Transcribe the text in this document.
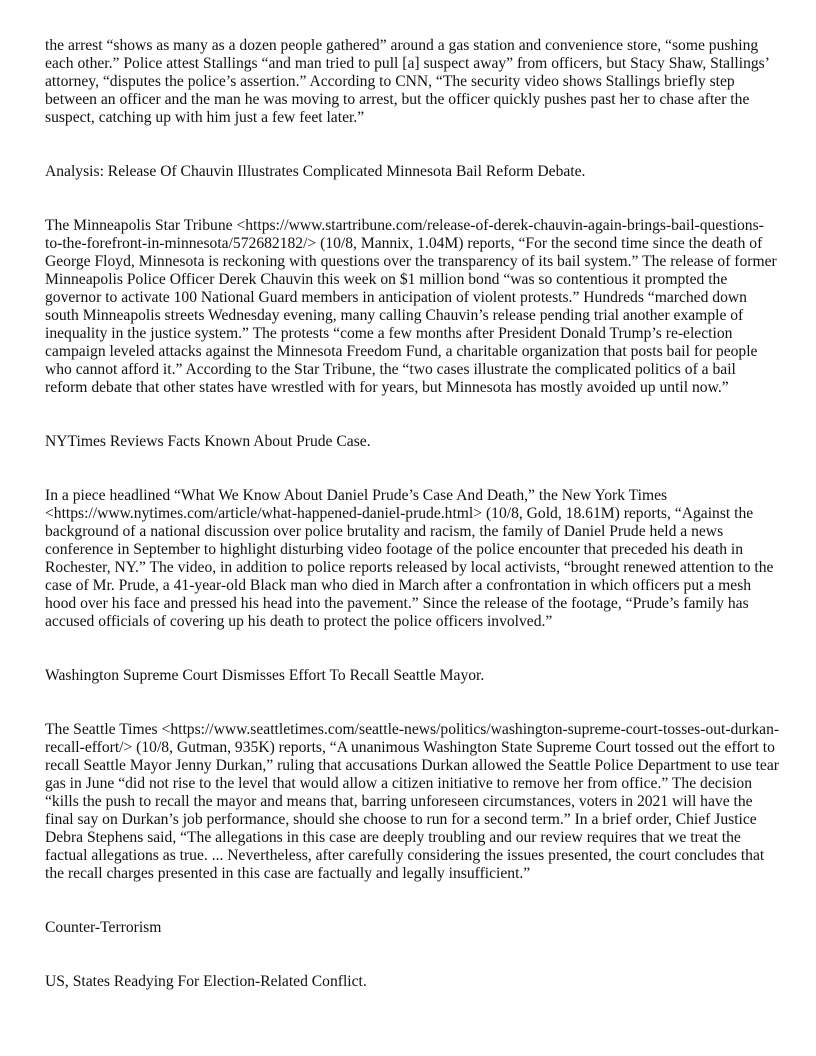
the arrest “shows as many as a dozen people gathered” around a gas station and convenience store, “some pushing each other.” Police attest Stallings “and man tried to pull [a] suspect away” from officers, but Stacy Shaw, Stallings’ attorney, “disputes the police’s assertion.” According to CNN, “The security video shows Stallings briefly step between an officer and the man he was moving to arrest, but the officer quickly pushes past her to chase after the suspect, catching up with him just a few feet later.”

Analysis: Release Of Chauvin Illustrates Complicated Minnesota Bail Reform Debate.

The Minneapolis Star Tribune <https://www.startribune.com/release-of-derek-chauvin-again-brings-bail-questions-to-the-forefront-in-minnesota/572682182/> (10/8, Mannix, 1.04M) reports, “For the second time since the death of George Floyd, Minnesota is reckoning with questions over the transparency of its bail system.” The release of former Minneapolis Police Officer Derek Chauvin this week on $1 million bond “was so contentious it prompted the governor to activate 100 National Guard members in anticipation of violent protests.” Hundreds “marched down south Minneapolis streets Wednesday evening, many calling Chauvin’s release pending trial another example of inequality in the justice system.” The protests “come a few months after President Donald Trump’s re-election campaign leveled attacks against the Minnesota Freedom Fund, a charitable organization that posts bail for people who cannot afford it.” According to the Star Tribune, the “two cases illustrate the complicated politics of a bail reform debate that other states have wrestled with for years, but Minnesota has mostly avoided up until now.”

NYTimes Reviews Facts Known About Prude Case.

In a piece headlined “What We Know About Daniel Prude’s Case And Death,” the New York Times <https://www.nytimes.com/article/what-happened-daniel-prude.html> (10/8, Gold, 18.61M) reports, “Against the background of a national discussion over police brutality and racism, the family of Daniel Prude held a news conference in September to highlight disturbing video footage of the police encounter that preceded his death in Rochester, NY.” The video, in addition to police reports released by local activists, “brought renewed attention to the case of Mr. Prude, a 41-year-old Black man who died in March after a confrontation in which officers put a mesh hood over his face and pressed his head into the pavement.” Since the release of the footage, “Prude’s family has accused officials of covering up his death to protect the police officers involved.”

Washington Supreme Court Dismisses Effort To Recall Seattle Mayor.

The Seattle Times <https://www.seattletimes.com/seattle-news/politics/washington-supreme-court-tosses-out-durkan-recall-effort/> (10/8, Gutman, 935K) reports, “A unanimous Washington State Supreme Court tossed out the effort to recall Seattle Mayor Jenny Durkan,” ruling that accusations Durkan allowed the Seattle Police Department to use tear gas in June “did not rise to the level that would allow a citizen initiative to remove her from office.” The decision “kills the push to recall the mayor and means that, barring unforeseen circumstances, voters in 2021 will have the final say on Durkan’s job performance, should she choose to run for a second term.” In a brief order, Chief Justice Debra Stephens said, “The allegations in this case are deeply troubling and our review requires that we treat the factual allegations as true. ... Nevertheless, after carefully considering the issues presented, the court concludes that the recall charges presented in this case are factually and legally insufficient.”

Counter-Terrorism

US, States Readying For Election-Related Conflict.
